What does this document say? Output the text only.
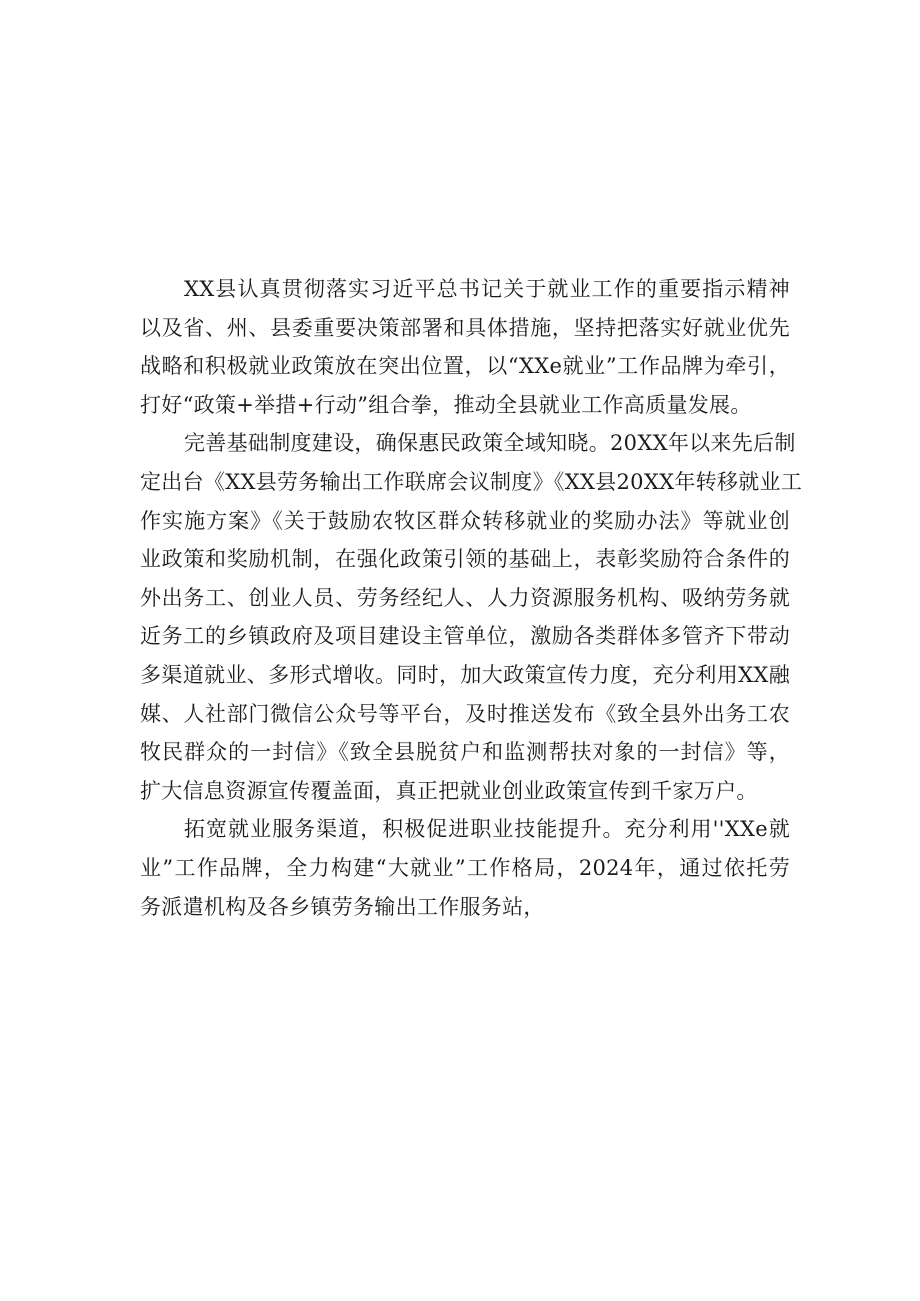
XX县认真贯彻落实习近平总书记关于就业工作的重要指示精神
以及省、州、县委重要决策部署和具体措施，坚持把落实好就业优先
战略和积极就业政策放在突出位置，以“XXe就业”工作品牌为牵引，
打好“政策+举措+行动”组合拳，推动全县就业工作高质量发展。

完善基础制度建设，确保惠民政策全域知晓。20XX年以来先后制
定出台《XX县劳务输出工作联席会议制度》《XX县20XX年转移就业工
作实施方案》《关于鼓励农牧区群众转移就业的奖励办法》等就业创
业政策和奖励机制，在强化政策引领的基础上，表彰奖励符合条件的
外出务工、创业人员、劳务经纪人、人力资源服务机构、吸纳劳务就
近务工的乡镇政府及项目建设主管单位，激励各类群体多管齐下带动
多渠道就业、多形式增收。同时，加大政策宣传力度，充分利用XX融
媒、人社部门微信公众号等平台，及时推送发布《致全县外出务工农
牧民群众的一封信》《致全县脱贫户和监测帮扶对象的一封信》等，
扩大信息资源宣传覆盖面，真正把就业创业政策宣传到千家万户。

拓宽就业服务渠道，积极促进职业技能提升。充分利用''XXe就
业”工作品牌，全力构建“大就业”工作格局，2024年，通过依托劳
务派遣机构及各乡镇劳务输出工作服务站，
